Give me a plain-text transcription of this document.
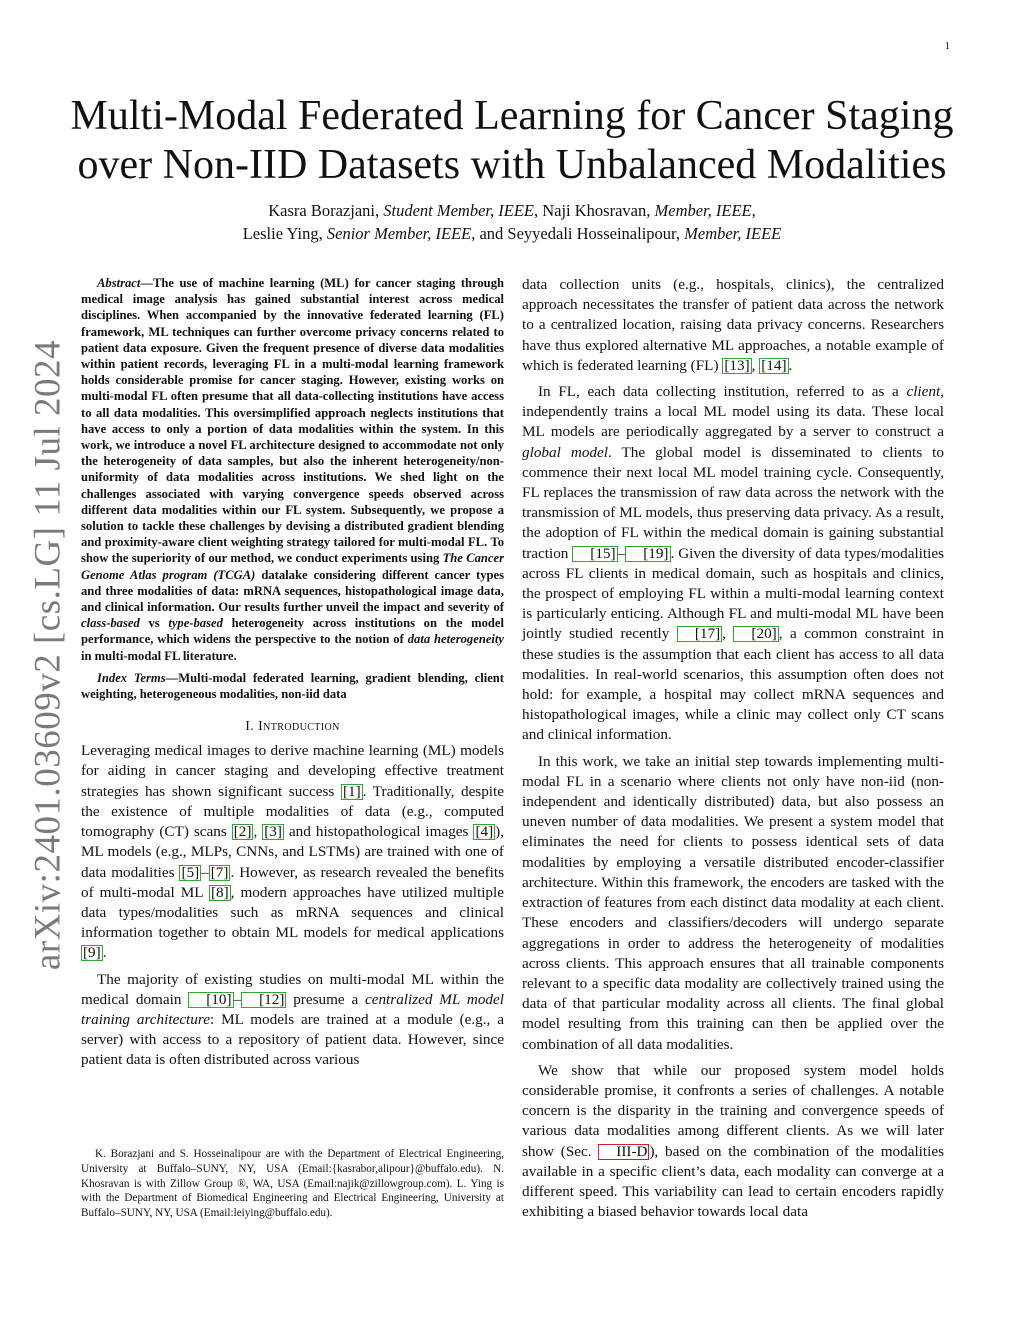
1
arXiv:2401.03609v2 [cs.LG] 11 Jul 2024
Multi-Modal Federated Learning for Cancer Staging
over Non-IID Datasets with Unbalanced Modalities
Kasra Borazjani, Student Member, IEEE, Naji Khosravan, Member, IEEE,
Leslie Ying, Senior Member, IEEE, and Seyyedali Hosseinalipour, Member, IEEE

Abstract—The use of machine learning (ML) for cancer staging through medical image analysis has gained substantial interest across medical disciplines. When accompanied by the innovative federated learning (FL) framework, ML techniques can further overcome privacy concerns related to patient data exposure. Given the frequent presence of diverse data modalities within patient records, leveraging FL in a multi-modal learning framework holds considerable promise for cancer staging. However, existing works on multi-modal FL often presume that all data-collecting institutions have access to all data modalities. This oversimplified approach neglects institutions that have access to only a portion of data modalities within the system. In this work, we introduce a novel FL architecture designed to accommodate not only the heterogeneity of data samples, but also the inherent heterogeneity/non-uniformity of data modalities across institutions. We shed light on the challenges associated with varying convergence speeds observed across different data modalities within our FL system. Subsequently, we propose a solution to tackle these challenges by devising a distributed gradient blending and proximity-aware client weighting strategy tailored for multi-modal FL. To show the superiority of our method, we conduct experiments using The Cancer Genome Atlas program (TCGA) datalake considering different cancer types and three modalities of data: mRNA sequences, histopathological image data, and clinical information. Our results further unveil the impact and severity of class-based vs type-based heterogeneity across institutions on the model performance, which widens the perspective to the notion of data heterogeneity in multi-modal FL literature.

Index Terms—Multi-modal federated learning, gradient blending, client weighting, heterogeneous modalities, non-iid data

I. Introduction

Leveraging medical images to derive machine learning (ML) models for aiding in cancer staging and developing effective treatment strategies has shown significant success [1] . Traditionally, despite the existence of multiple modalities of data (e.g., computed tomography (CT) scans [2] , [3] and histopathological images [4] ), ML models (e.g., MLPs, CNNs, and LSTMs) are trained with one of data modalities [5] – [7] . However, as research revealed the benefits of multi-modal ML [8] , modern approaches have utilized multiple data types/modalities such as mRNA sequences and clinical information together to obtain ML models for medical applications [9] .

The majority of existing studies on multi-modal ML within the medical domain [10] – [12] presume a centralized ML model training architecture: ML models are trained at a module (e.g., a server) with access to a repository of patient data. However, since patient data is often distributed across various

K. Borazjani and S. Hosseinalipour are with the Department of Electrical Engineering, University at Buffalo–SUNY, NY, USA (Email:{kasrabor,alipour}@buffalo.edu). N. Khosravan is with Zillow Group ®, WA, USA (Email:najik@zillowgroup.com). L. Ying is with the Department of Biomedical Engineering and Electrical Engineering, University at Buffalo–SUNY, NY, USA (Email:leiying@buffalo.edu).

data collection units (e.g., hospitals, clinics), the centralized approach necessitates the transfer of patient data across the network to a centralized location, raising data privacy concerns. Researchers have thus explored alternative ML approaches, a notable example of which is federated learning (FL) [13] , [14] .

In FL, each data collecting institution, referred to as a client, independently trains a local ML model using its data. These local ML models are periodically aggregated by a server to construct a global model. The global model is disseminated to clients to commence their next local ML model training cycle. Consequently, FL replaces the transmission of raw data across the network with the transmission of ML models, thus preserving data privacy. As a result, the adoption of FL within the medical domain is gaining substantial traction [15] – [19] . Given the diversity of data types/modalities across FL clients in medical domain, such as hospitals and clinics, the prospect of employing FL within a multi-modal learning context is particularly enticing. Although FL and multi-modal ML have been jointly studied recently [17] , [20] , a common constraint in these studies is the assumption that each client has access to all data modalities. In real-world scenarios, this assumption often does not hold: for example, a hospital may collect mRNA sequences and histopathological images, while a clinic may collect only CT scans and clinical information.

In this work, we take an initial step towards implementing multi-modal FL in a scenario where clients not only have non-iid (non-independent and identically distributed) data, but also possess an uneven number of data modalities. We present a system model that eliminates the need for clients to possess identical sets of data modalities by employing a versatile distributed encoder-classifier architecture. Within this framework, the encoders are tasked with the extraction of features from each distinct data modality at each client. These encoders and classifiers/decoders will undergo separate aggregations in order to address the heterogeneity of modalities across clients. This approach ensures that all trainable components relevant to a specific data modality are collectively trained using the data of that particular modality across all clients. The final global model resulting from this training can then be applied over the combination of all data modalities.

We show that while our proposed system model holds considerable promise, it confronts a series of challenges. A notable concern is the disparity in the training and convergence speeds of various data modalities among different clients. As we will later show (Sec. III-D ), based on the combination of the modalities available in a specific client’s data, each modality can converge at a different speed. This variability can lead to certain encoders rapidly exhibiting a biased behavior towards local data
